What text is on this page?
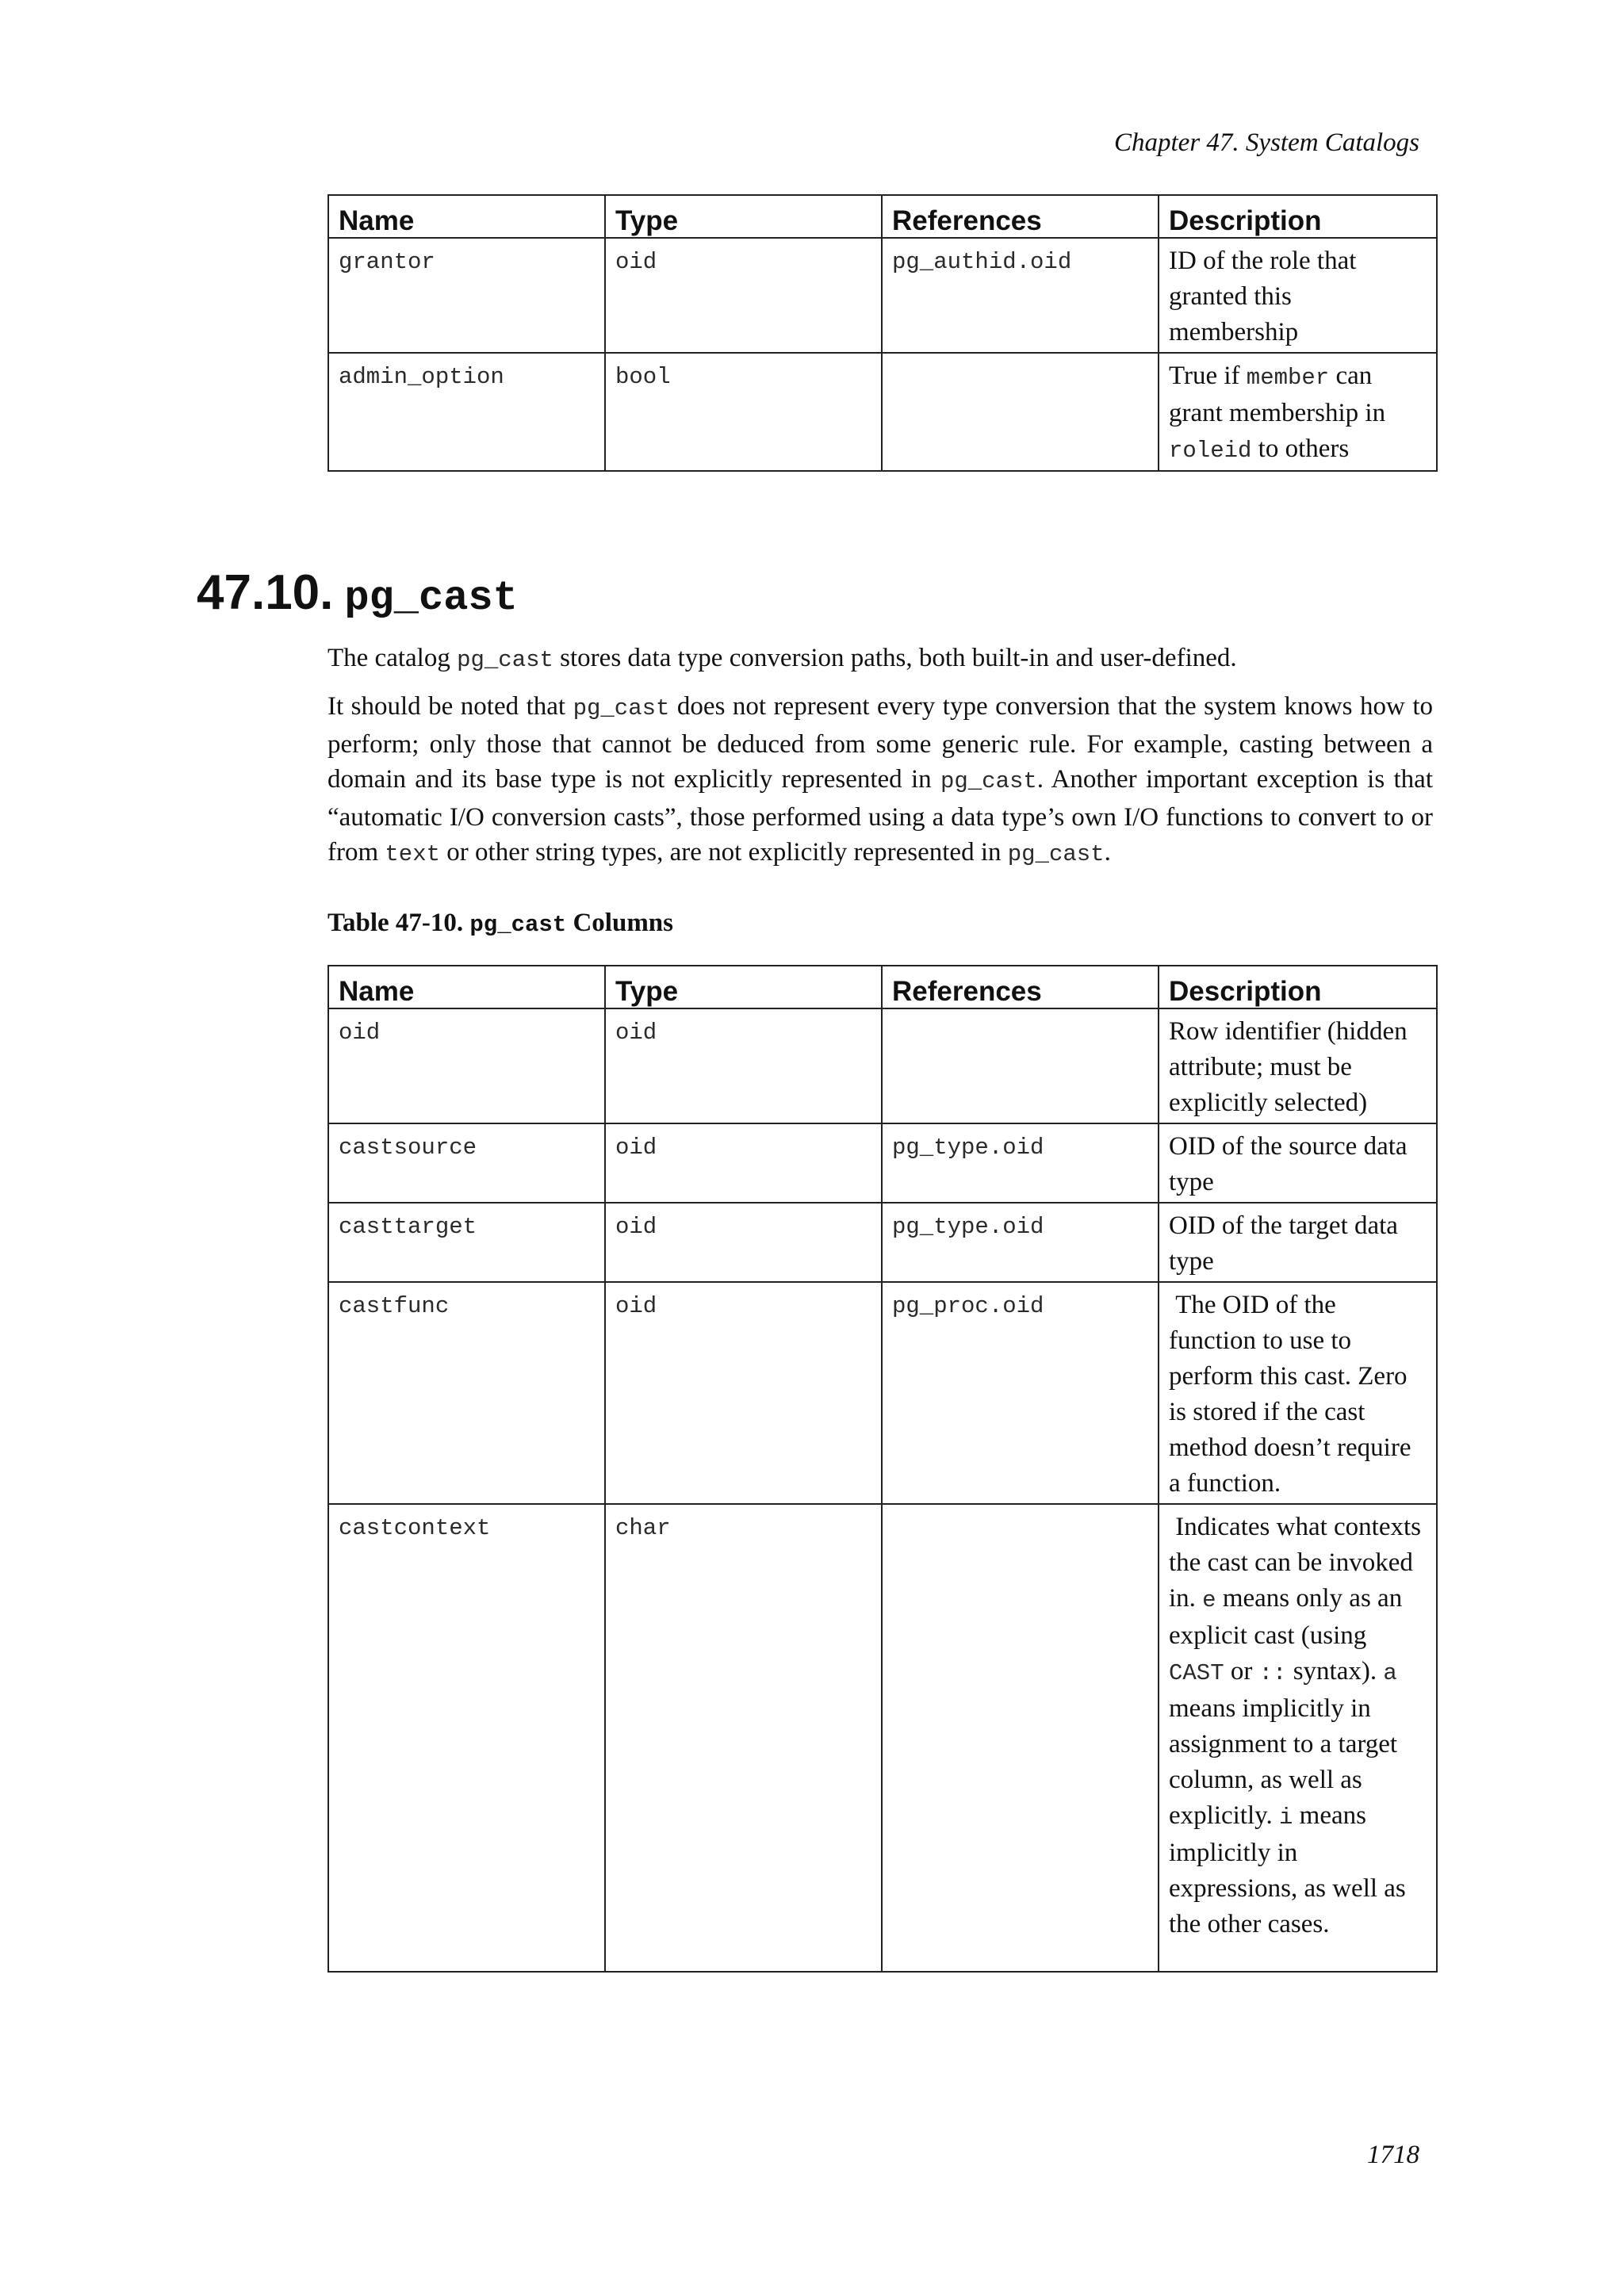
Chapter 47. System Catalogs
Name	Type	References	Description
grantor	oid	pg_authid.oid	ID of the role that granted this membership
admin_option	bool		True if member can grant membership in roleid to others
47.10. pg_cast

The catalog pg_cast stores data type conversion paths, both built-in and user-defined.

It should be noted that pg_cast does not represent every type conversion that the system knows how to perform; only those that cannot be deduced from some generic rule. For example, casting between a domain and its base type is not explicitly represented in pg_cast. Another important exception is that “automatic I/O conversion casts”, those performed using a data type’s own I/O functions to convert to or from text or other string types, are not explicitly represented in pg_cast.

Table 47-10. pg_cast Columns
Name	Type	References	Description
oid	oid		Row identifier (hidden attribute; must be explicitly selected)
castsource	oid	pg_type.oid	OID of the source data type
casttarget	oid	pg_type.oid	OID of the target data type
castfunc	oid	pg_proc.oid	The OID of the function to use to perform this cast. Zero is stored if the cast method doesn’t require a function.
castcontext	char		Indicates what contexts the cast can be invoked in. e means only as an explicit cast (using CAST or :: syntax). a means implicitly in assignment to a target column, as well as explicitly. i means implicitly in expressions, as well as the other cases.
1718
